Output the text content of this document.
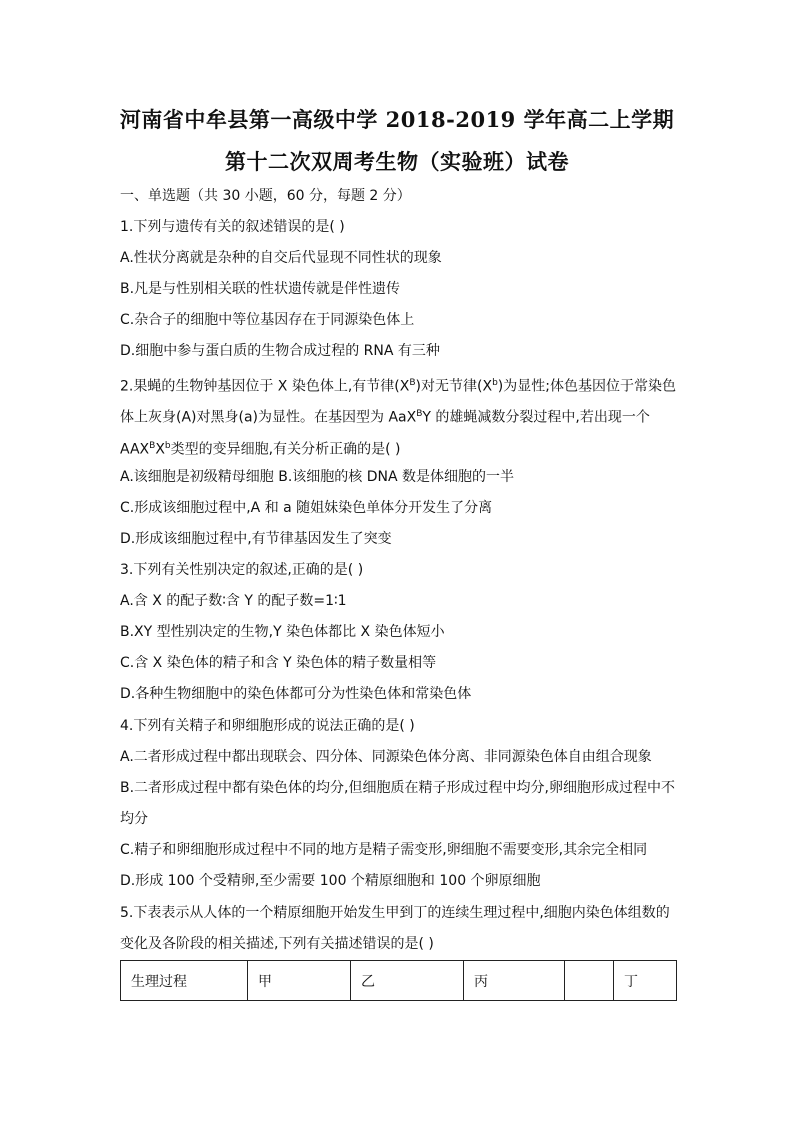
河南省中牟县第一高级中学 2018-2019 学年高二上学期
第十二次双周考生物（实验班）试卷
一、单选题（共 30 小题，60 分，每题 2 分）
1.下列与遗传有关的叙述错误的是( )
A.性状分离就是杂种的自交后代显现不同性状的现象
B.凡是与性别相关联的性状遗传就是伴性遗传
C.杂合子的细胞中等位基因存在于同源染色体上
D.细胞中参与蛋白质的生物合成过程的 RNA 有三种
2.果蝇的生物钟基因位于 X 染色体上,有节律$(X^B)$对无节律$(X^b)$为显性;体色基因位于常染色
体上灰身(A)对黑身(a)为显性。在基因型为 AaX$^B$Y 的雄蝇减数分裂过程中,若出现一个
$AAX^BX^b$类型的变异细胞,有关分析正确的是( )
A.该细胞是初级精母细胞 B.该细胞的核 DNA 数是体细胞的一半
C.形成该细胞过程中,A 和 a 随姐妹染色单体分开发生了分离
D.形成该细胞过程中,有节律基因发生了突变
3.下列有关性别决定的叙述,正确的是( )
A.含 X 的配子数∶含 Y 的配子数=1∶1
B.XY 型性别决定的生物,Y 染色体都比 X 染色体短小
C.含 X 染色体的精子和含 Y 染色体的精子数量相等
D.各种生物细胞中的染色体都可分为性染色体和常染色体
4.下列有关精子和卵细胞形成的说法正确的是( )
A.二者形成过程中都出现联会、四分体、同源染色体分离、非同源染色体自由组合现象
B.二者形成过程中都有染色体的均分,但细胞质在精子形成过程中均分,卵细胞形成过程中不
均分
C.精子和卵细胞形成过程中不同的地方是精子需变形,卵细胞不需要变形,其余完全相同
D.形成 100 个受精卵,至少需要 100 个精原细胞和 100 个卵原细胞
5.下表表示从人体的一个精原细胞开始发生甲到丁的连续生理过程中,细胞内染色体组数的
变化及各阶段的相关描述,下列有关描述错误的是( )
生理过程	甲	乙	丙		丁
